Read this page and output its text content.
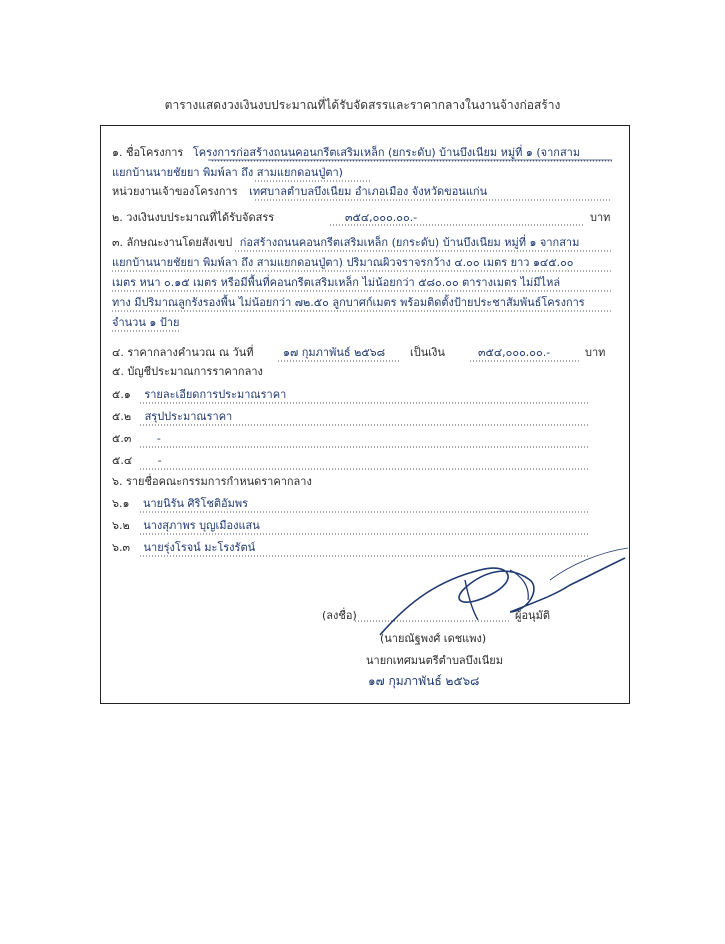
ตารางแสดงวงเงินงบประมาณที่ได้รับจัดสรรและราคากลางในงานจ้างก่อสร้าง
๑. ชื่อโครงการ โครงการก่อสร้างถนนคอนกรีตเสริมเหล็ก (ยกระดับ) บ้านบึงเนียม หมู่ที่ ๑ (จากสาม
แยกบ้านนายชัยยา พิมพ์ลา ถึง สามแยกดอนปู่ตา)
หน่วยงานเจ้าของโครงการ เทศบาลตำบลบึงเนียม อำเภอเมือง จังหวัดขอนแก่น
๒. วงเงินงบประมาณที่ได้รับจัดสรร	๓๕๔,๐๐๐.๐๐.-	บาท
๓. ลักษณะงานโดยสังเขป ก่อสร้างถนนคอนกรีตเสริมเหล็ก (ยกระดับ) บ้านบึงเนียม หมู่ที่ ๑ จากสาม
แยกบ้านนายชัยยา พิมพ์ลา ถึง สามแยกดอนปู่ตา) ปริมาณผิวจราจรกว้าง ๔.๐๐ เมตร ยาว ๑๔๕.๐๐
เมตร หนา ๐.๑๕ เมตร หรือมีพื้นที่คอนกรีตเสริมเหล็ก ไม่น้อยกว่า ๕๘๐.๐๐ ตารางเมตร ไม่มีไหล่
ทาง มีปริมาณลูกรังรองพื้น ไม่น้อยกว่า ๗๒.๕๐ ลูกบาศก์เมตร พร้อมติดตั้งป้ายประชาสัมพันธ์โครงการ
จำนวน ๑ ป้าย
๔. ราคากลางคำนวณ ณ วันที่	๑๗ กุมภาพันธ์ ๒๕๖๘ เป็นเงิน	๓๕๔,๐๐๐.๐๐.-	บาท
๕. บัญชีประมาณการราคากลาง
๕.๑ รายละเอียดการประมาณราคา
๕.๒ สรุปประมาณราคา
๕.๓ -
๕.๔ -
๖. รายชื่อคณะกรรมการกำหนดราคากลาง
๖.๑ นายนิรัน ศิริโชติอัมพร
๖.๒ นางสุภาพร บุญเมืองแสน
๖.๓ นายรุ่งโรจน์ มะโรงรัตน์
(ลงชื่อ)	ผู้อนุมัติ
(นายณัฐพงศ์ เดชแพง)
นายกเทศมนตรีตำบลบึงเนียม
๑๗ กุมภาพันธ์ ๒๕๖๘
